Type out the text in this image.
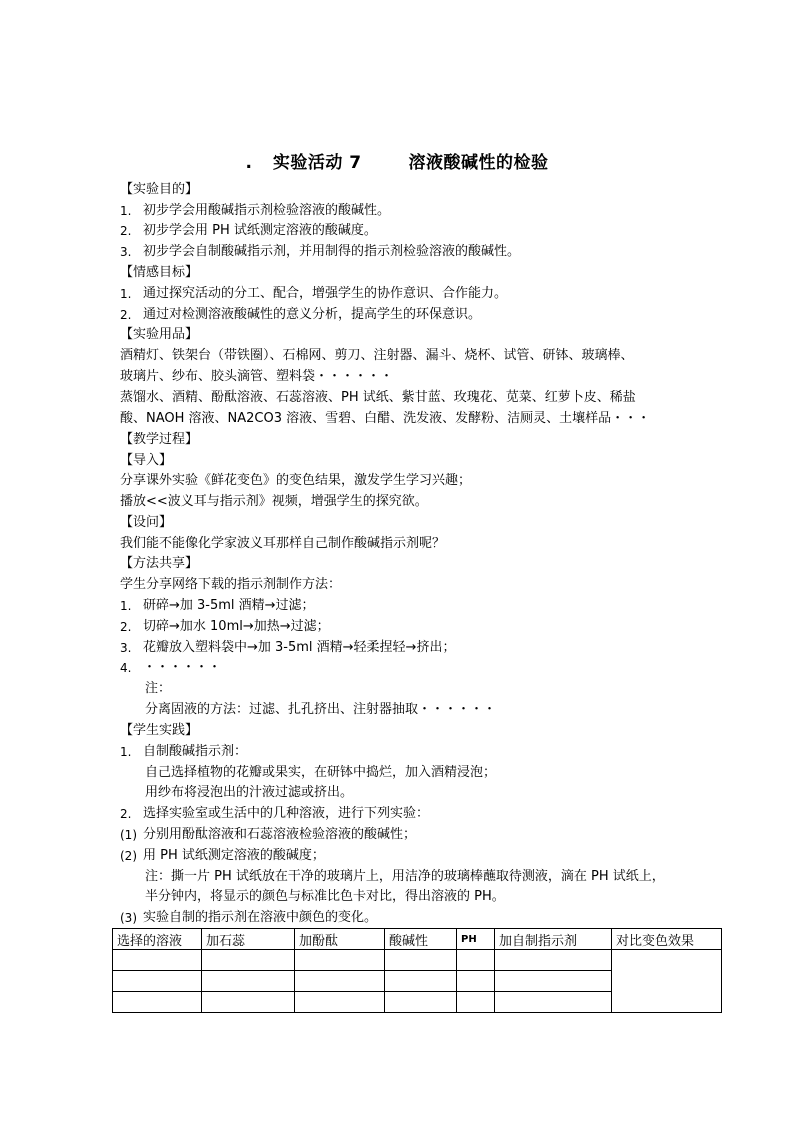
. 实验活动 7	溶液酸碱性的检验
【实验目的】
1. 初步学会用酸碱指示剂检验溶液的酸碱性。
2. 初步学会用 PH 试纸测定溶液的酸碱度。
3. 初步学会自制酸碱指示剂，并用制得的指示剂检验溶液的酸碱性。
【情感目标】
1. 通过探究活动的分工、配合，增强学生的协作意识、合作能力。
2. 通过对检测溶液酸碱性的意义分析，提高学生的环保意识。
【实验用品】
酒精灯、铁架台（带铁圈）、石棉网、剪刀、注射器、漏斗、烧杯、试管、研钵、玻璃棒、
玻璃片、纱布、胶头滴管、塑料袋・・・・・・
蒸馏水、酒精、酚酞溶液、石蕊溶液、PH 试纸、紫甘蓝、玫瑰花、苋菜、红萝卜皮、稀盐
酸、NAOH 溶液、NA2CO3 溶液、雪碧、白醋、洗发液、发酵粉、洁厕灵、土壤样品・・・
【教学过程】
【导入】
分享课外实验《鲜花变色》的变色结果，激发学生学习兴趣；
播放<<波义耳与指示剂》视频，增强学生的探究欲。
【设问】
我们能不能像化学家波义耳那样自己制作酸碱指示剂呢？
【方法共享】
学生分享网络下载的指示剂制作方法：
1. 研碎→加 3-5ml 酒精→过滤；
2. 切碎→加水 10ml→加热→过滤；
3. 花瓣放入塑料袋中→加 3-5ml 酒精→轻柔捏轻→挤出；
4. ・・・・・・
注：
分离固液的方法：过滤、扎孔挤出、注射器抽取・・・・・・
【学生实践】
1. 自制酸碱指示剂：
自己选择植物的花瓣或果实，在研钵中捣烂，加入酒精浸泡；
用纱布将浸泡出的汁液过滤或挤出。
2. 选择实验室或生活中的几种溶液，进行下列实验：
(1) 分别用酚酞溶液和石蕊溶液检验溶液的酸碱性；
(2) 用 PH 试纸测定溶液的酸碱度；
注：撕一片 PH 试纸放在干净的玻璃片上，用洁净的玻璃棒蘸取待测液，滴在 PH 试纸上，
半分钟内，将显示的颜色与标准比色卡对比，得出溶液的 PH。
(3) 实验自制的指示剂在溶液中颜色的变化。
选择的溶液	加石蕊	加酚酞	酸碱性	PH	加自制指示剂	对比变色效果
